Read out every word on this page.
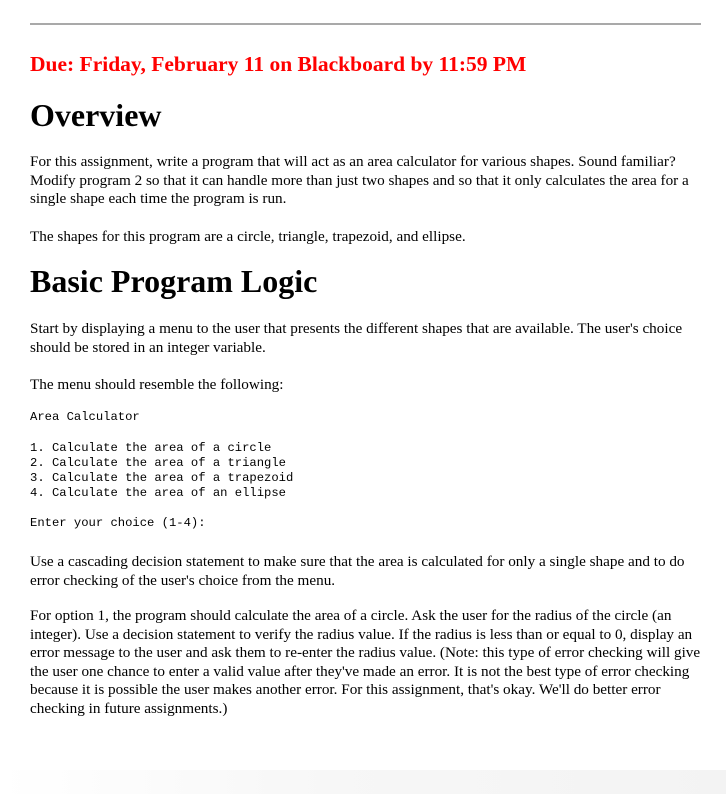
Due: Friday, February 11 on Blackboard by 11:59 PM
Overview

For this assignment, write a program that will act as an area calculator for various shapes. Sound familiar? Modify program 2 so that it can handle more than just two shapes and so that it only calculates the area for a single shape each time the program is run.

The shapes for this program are a circle, triangle, trapezoid, and ellipse.

Basic Program Logic

Start by displaying a menu to the user that presents the different shapes that are available. The user's choice should be stored in an integer variable.

The menu should resemble the following:

Area Calculator
1. Calculate the area of a circle
2. Calculate the area of a triangle
3. Calculate the area of a trapezoid
4. Calculate the area of an ellipse
Enter your choice (1-4):

Use a cascading decision statement to make sure that the area is calculated for only a single shape and to do error checking of the user's choice from the menu.

For option 1, the program should calculate the area of a circle. Ask the user for the radius of the circle (an integer). Use a decision statement to verify the radius value. If the radius is less than or equal to 0, display an error message to the user and ask them to re-enter the radius value. (Note: this type of error checking will give the user one chance to enter a valid value after they've made an error. It is not the best type of error checking because it is possible the user makes another error. For this assignment, that's okay. We'll do better error checking in future assignments.)
